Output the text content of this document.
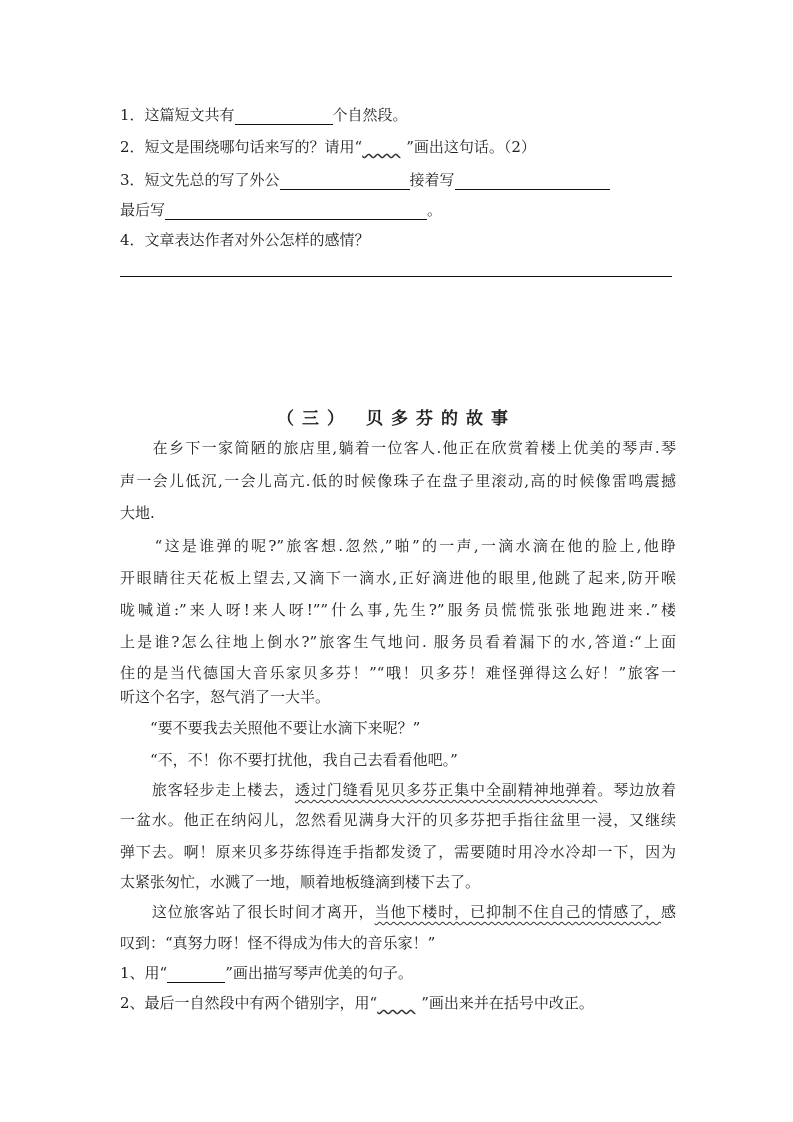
1．这篇短文共有	个自然段。
2．短文是围绕哪句话来写的？请用“	”画出这句话。（2）
3．短文先总的写了外公	接着写
最后写	。
4．文章表达作者对外公怎样的感情？
（三） 贝多芬的故事
　　在乡下一家简陋的旅店里,躺着一位客人.他正在欣赏着楼上优美的琴声.琴
声一会儿低沉,一会儿高亢.低的时候像珠子在盘子里滚动,高的时候像雷鸣震撼
大地.
　　“这是谁弹的呢?”旅客想.忽然,”啪”的一声,一滴水滴在他的脸上,他睁
开眼睛往天花板上望去,又滴下一滴水,正好滴进他的眼里,他跳了起来,防开喉
咙喊道:”来人呀!来人呀!””什么事,先生?”服务员慌慌张张地跑进来.”楼
上是谁?怎么往地上倒水?”旅客生气地问. 服务员看着漏下的水,答道:“上面
住的是当代德国大音乐家贝多芬！”“哦！贝多芬！难怪弹得这么好！”旅客一
听这个名字，怒气消了一大半。
　　“要不要我去关照他不要让水滴下来呢？”
　　“不，不！你不要打扰他，我自己去看看他吧。”
　　旅客轻步走上楼去，透过门缝看见贝多芬正集中全副精神地弹着。琴边放着
一盆水。他正在纳闷儿，忽然看见满身大汗的贝多芬把手指往盆里一浸，又继续
弹下去。啊！原来贝多芬练得连手指都发烫了，需要随时用冷水冷却一下，因为
太紧张匆忙，水溅了一地，顺着地板缝滴到楼下去了。
　　这位旅客站了很长时间才离开，当他下楼时，已抑制不住自己的情感了，感
叹到：“真努力呀！怪不得成为伟大的音乐家！”
1、用“	”画出描写琴声优美的句子。
2、最后一自然段中有两个错别字，用“	”画出来并在括号中改正。
